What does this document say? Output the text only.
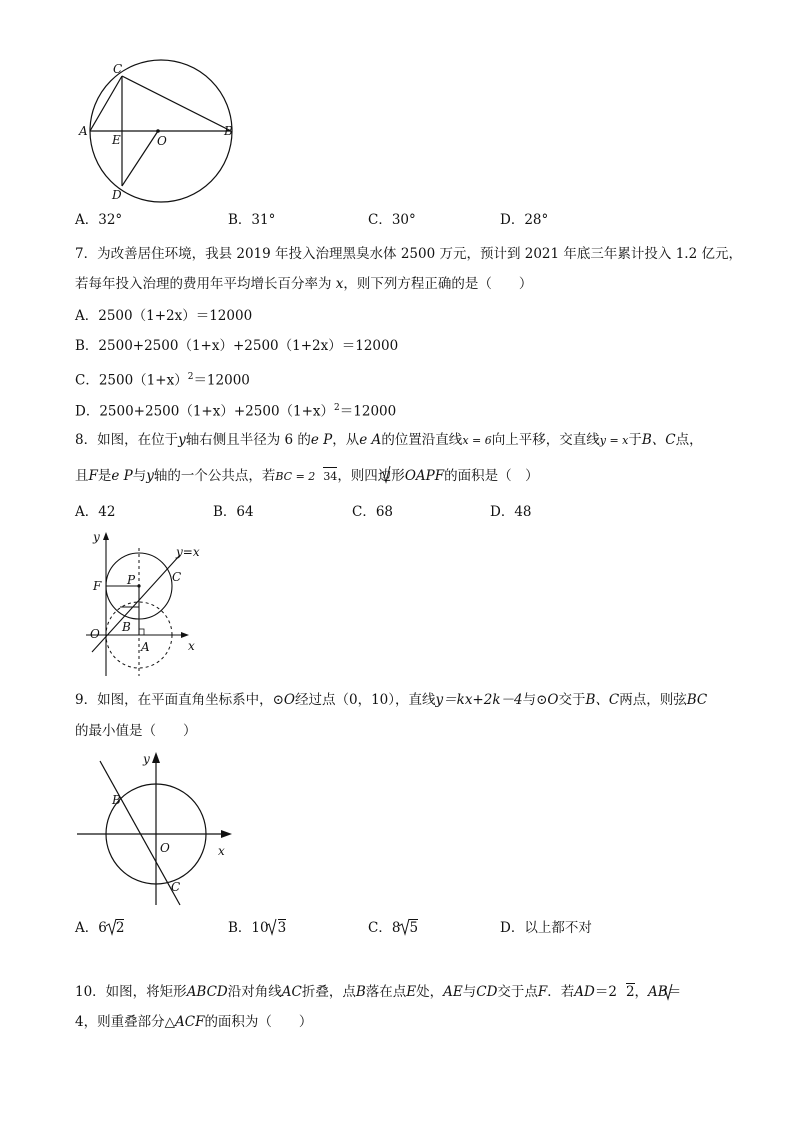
C
A
E	O
B
D
A．32°	B．31°	C．30°	D．28°
7．为改善居住环境，我县 2019 年投入治理黑臭水体 2500 万元，预计到 2021 年底三年累计投入 1.2 亿元，
若每年投入治理的费用年平均增长百分率为 x，则下列方程正确的是（　　）
A．2500（1+2x）＝12000
B．2500+2500（1+x）+2500（1+2x）＝12000
C．$2500(1+x)^2=12000$
D．$2500+2500(1+x)+2500(1+x)^2=12000$
8．如图，在位于y轴右侧且半径为 6 的e P，从e A的位置沿直线x = 6向上平移，交直线y = x于B、C点，
且F是e P与y轴的一个公共点，若BC = 2 34，则四边形OAPF的面积是（　）
A．42	B．64	C．68	D．48
y
y=x
F P	C
B
O
A	x
9．如图，在平面直角坐标系中，⊙O经过点（0，10），直线y＝kx+2k－4与⊙O交于B、C两点，则弦BC
的最小值是（　　）
y
B
O	x
C
A．6 2	B．10 3	C．8 5	D．以上都不对
10．如图，将矩形ABCD沿对角线AC折叠，点B落在点E处，AE与CD交于点F．若AD＝2 2，AB＝
4，则重叠部分△ACF的面积为（　　）
